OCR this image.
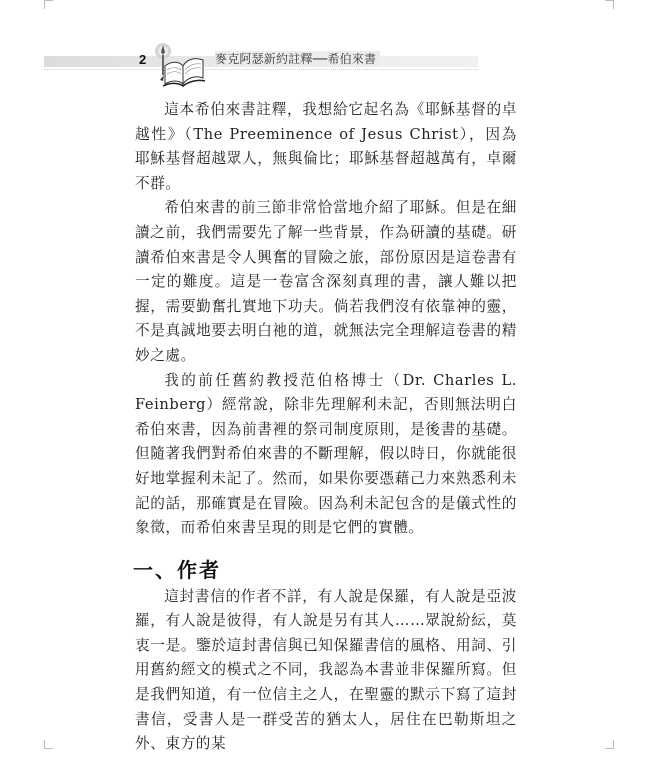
2	麥克阿瑟新約註釋──希伯來書

這本希伯來書註釋，我想給它起名為《耶穌基督的卓越性》（The Preeminence of Jesus Christ），因為耶穌基督超越眾人，無與倫比；耶穌基督超越萬有，卓爾不群。

希伯來書的前三節非常恰當地介紹了耶穌。但是在細讀之前，我們需要先了解一些背景，作為研讀的基礎。研讀希伯來書是令人興奮的冒險之旅，部份原因是這卷書有一定的難度。這是一卷富含深刻真理的書，讓人難以把握，需要勤奮扎實地下功夫。倘若我們沒有依靠神的靈，不是真誠地要去明白祂的道，就無法完全理解這卷書的精妙之處。

我的前任舊約教授范伯格博士（Dr. Charles L. Feinberg）經常說，除非先理解利未記，否則無法明白希伯來書，因為前書裡的祭司制度原則，是後書的基礎。但隨著我們對希伯來書的不斷理解，假以時日，你就能很好地掌握利未記了。然而，如果你要憑藉己力來熟悉利未記的話，那確實是在冒險。因為利未記包含的是儀式性的象徵，而希伯來書呈現的則是它們的實體。

一、作者

這封書信的作者不詳，有人說是保羅，有人說是亞波羅，有人說是彼得，有人說是另有其人……眾說紛紜，莫衷一是。鑒於這封書信與已知保羅書信的風格、用詞、引用舊約經文的模式之不同，我認為本書並非保羅所寫。但是我們知道，有一位信主之人，在聖靈的默示下寫了這封書信，受書人是一群受苦的猶太人，居住在巴勒斯坦之外、東方的某
